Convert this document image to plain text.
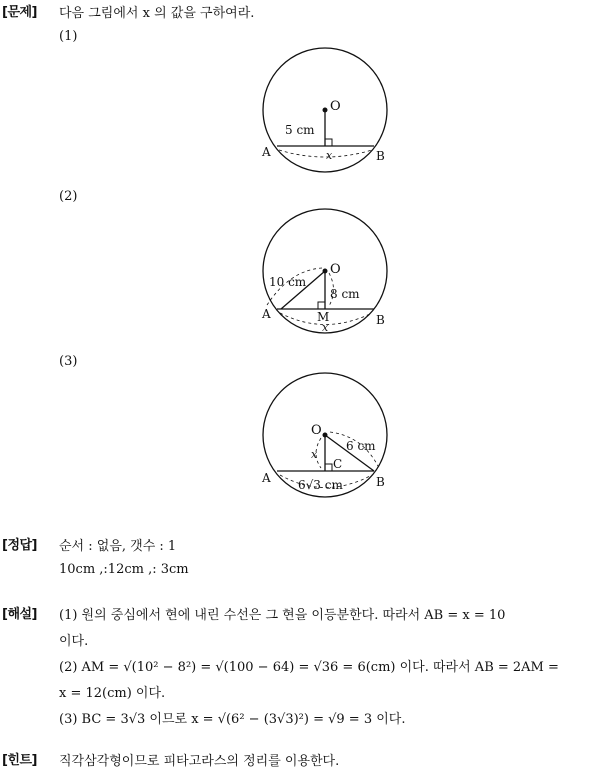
[문제] 다음 그림에서 x 의 값을 구하여라.
(1)
(2)
(3)
O
A	B
5 cm
x
O
A	B
M
10 cm
8 cm
x
O
A	B
C
6 cm
6√3 cm
x
[정답] 순서 : 없음, 갯수 : 1
10cm ,:12cm ,: 3cm
[해설] (1) 원의 중심에서 현에 내린 수선은 그 현을 이등분한다. 따라서 AB = x = 10
이다.
(2) AM = √(10² − 8²) = √(100 − 64) = √36 = 6(cm) 이다. 따라서 AB = 2AM =
x = 12(cm) 이다.
(3) BC = 3√3 이므로 x = √(6² − (3√3)²) = √9 = 3 이다.
[힌트] 직각삼각형이므로 피타고라스의 정리를 이용한다.
